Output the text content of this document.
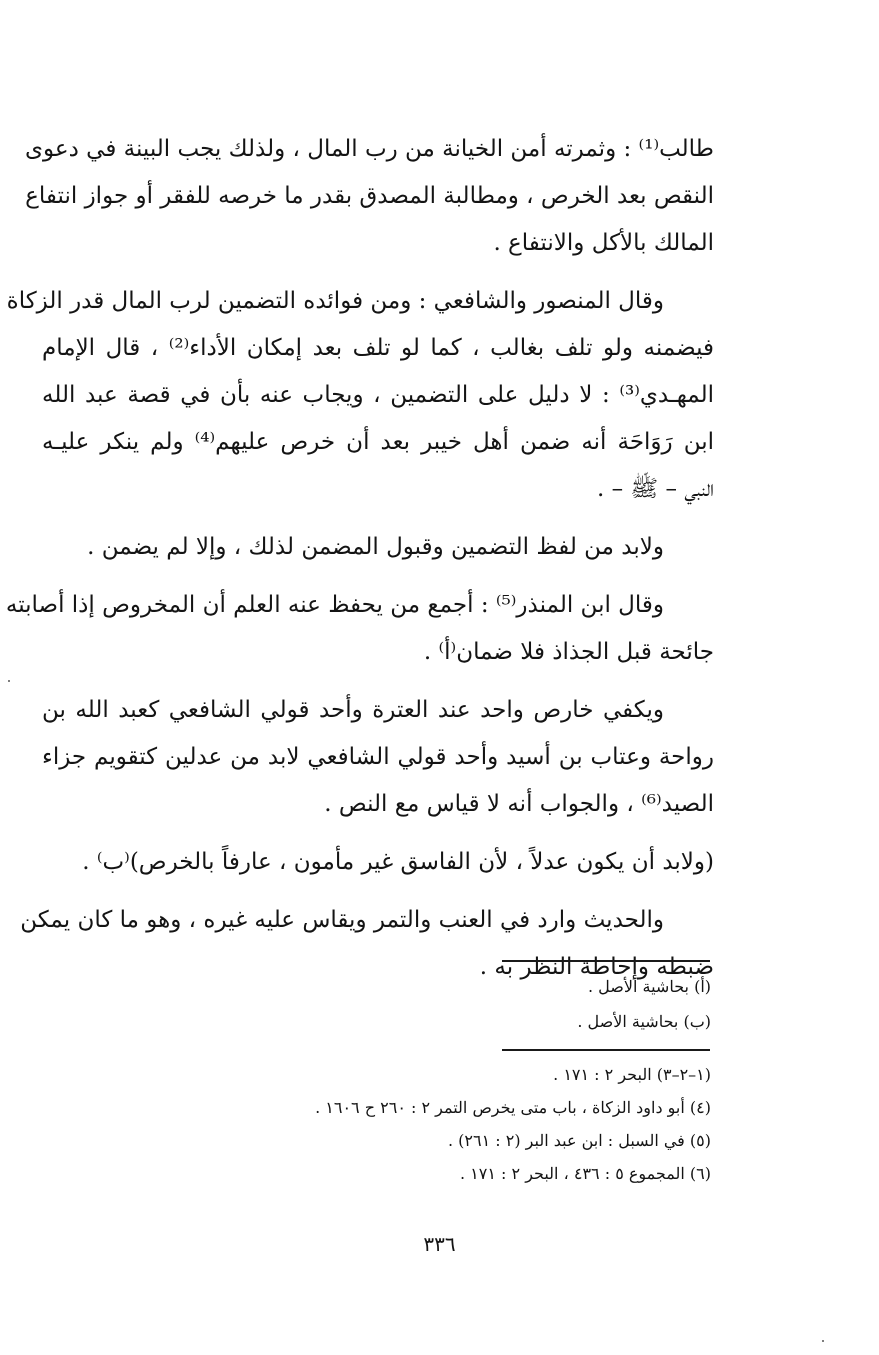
طالب⁽¹⁾ : وثمرته أمن الخيانة من رب المال ، ولذلك يجب البينة في دعوى
النقص بعد الخرص ، ومطالبة المصدق بقدر ما خرصه للفقر أو جواز انتفاع
المالك بالأكل والانتفاع .
وقال المنصور والشافعي : ومن فوائده التضمين لرب المال قدر الزكاة
فيضمنه ولو تلف بغالب ، كما لو تلف بعد إمكان الأداء⁽²⁾ ، قال الإمام
المهـدي⁽³⁾ : لا دليل على التضمين ، ويجاب عنه بأن في قصة عبد الله
ابن رَوَاحَة أنه ضمن أهل خيبر بعد أن خرص عليهم⁽⁴⁾ ولم ينكر عليـه
النبي – ﷺ – .
ولابد من لفظ التضمين وقبول المضمن لذلك ، وإلا لم يضمن .
وقال ابن المنذر⁽⁵⁾ : أجمع من يحفظ عنه العلم أن المخروص إذا أصابته
جائحة قبل الجذاذ فلا ضمان⁽أ⁾ .
ويكفي خارص واحد عند العترة وأحد قولي الشافعي كعبد الله بن
رواحة وعتاب بن أسيد وأحد قولي الشافعي لابد من عدلين كتقويم جزاء
الصيد⁽⁶⁾ ، والجواب أنه لا قياس مع النص .
(ولابد أن يكون عدلاً ، لأن الفاسق غير مأمون ، عارفاً بالخرص)⁽ب⁾ .
والحديث وارد في العنب والتمر ويقاس عليه غيره ، وهو ما كان يمكن
ضبطه وإحاطة النظر به .
(أ) بحاشية الأصل .
(ب) بحاشية الأصل .
(١–٢–٣) البحر ٢ : ١٧١ .
(٤) أبو داود الزكاة ، باب متى يخرص التمر ٢ : ٢٦٠ ح ١٦٠٦ .
(٥) في السبل : ابن عبد البر (٢ : ٢٦١) .
(٦) المجموع ٥ : ٤٣٦ ، البحر ٢ : ١٧١ .
٣٣٦
